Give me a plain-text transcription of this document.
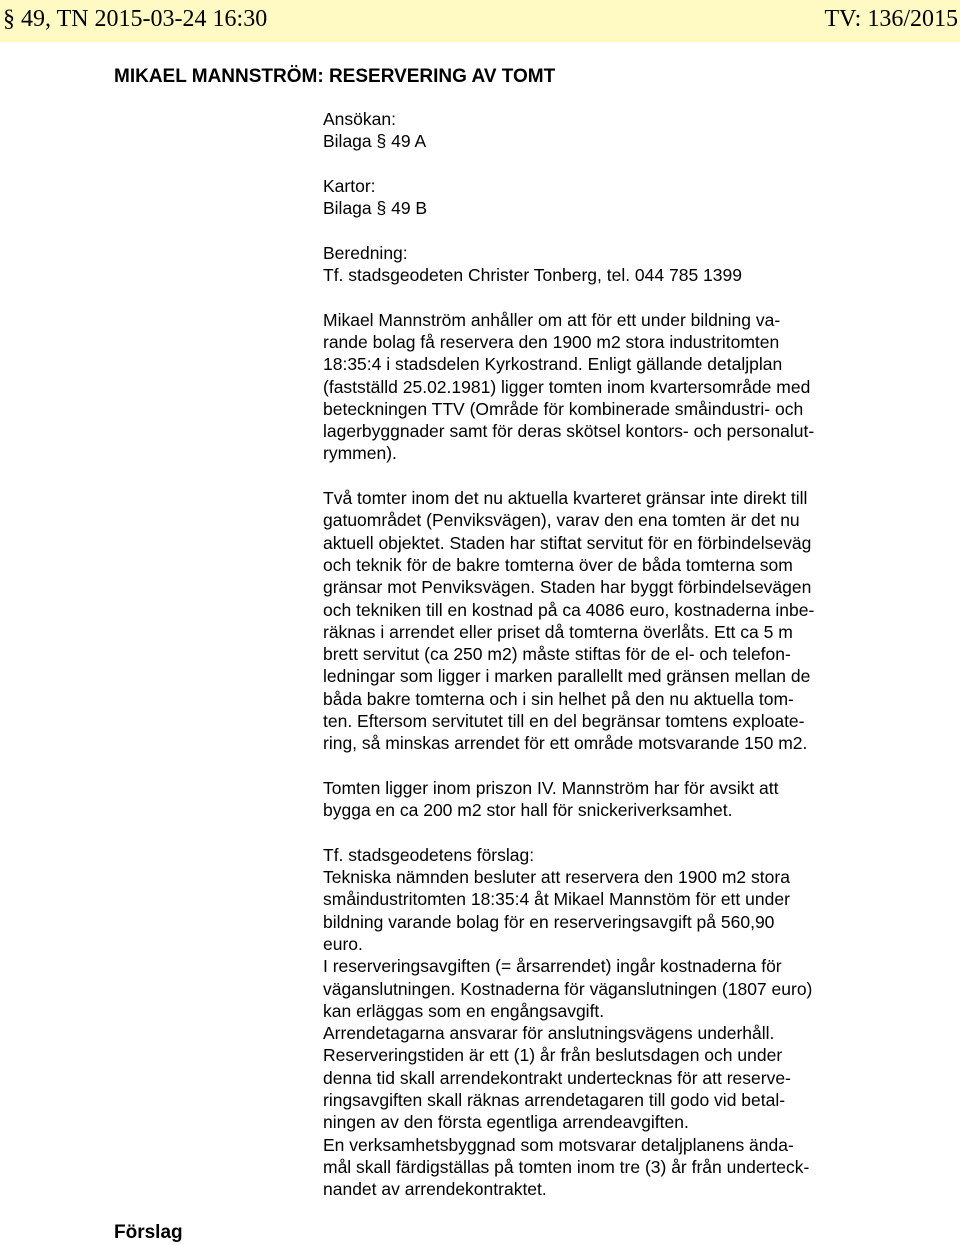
§ 49, TN 2015-03-24 16:30	TV: 136/2015
MIKAEL MANNSTRÖM: RESERVERING AV TOMT
Ansökan:
Bilaga § 49 A
Kartor:
Bilaga § 49 B
Beredning:
Tf. stadsgeodeten Christer Tonberg, tel. 044 785 1399
Mikael Mannström anhåller om att för ett under bildning va-
rande bolag få reservera den 1900 m2 stora industritomten
18:35:4 i stadsdelen Kyrkostrand. Enligt gällande detaljplan
(fastställd 25.02.1981) ligger tomten inom kvartersområde med
beteckningen TTV (Område för kombinerade småindustri- och
lagerbyggnader samt för deras skötsel kontors- och personalut-
rymmen).
Två tomter inom det nu aktuella kvarteret gränsar inte direkt till
gatuområdet (Penviksvägen), varav den ena tomten är det nu
aktuell objektet. Staden har stiftat servitut för en förbindelseväg
och teknik för de bakre tomterna över de båda tomterna som
gränsar mot Penviksvägen. Staden har byggt förbindelsevägen
och tekniken till en kostnad på ca 4086 euro, kostnaderna inbe-
räknas i arrendet eller priset då tomterna överlåts. Ett ca 5 m
brett servitut (ca 250 m2) måste stiftas för de el- och telefon-
ledningar som ligger i marken parallellt med gränsen mellan de
båda bakre tomterna och i sin helhet på den nu aktuella tom-
ten. Eftersom servitutet till en del begränsar tomtens exploate-
ring, så minskas arrendet för ett område motsvarande 150 m2.
Tomten ligger inom priszon IV. Mannström har för avsikt att
bygga en ca 200 m2 stor hall för snickeriverksamhet.
Tf. stadsgeodetens förslag:
Tekniska nämnden besluter att reservera den 1900 m2 stora
småindustritomten 18:35:4 åt Mikael Mannstöm för ett under
bildning varande bolag för en reserveringsavgift på 560,90
euro.
I reserveringsavgiften (= årsarrendet) ingår kostnaderna för
väganslutningen. Kostnaderna för väganslutningen (1807 euro)
kan erläggas som en engångsavgift.
Arrendetagarna ansvarar för anslutningsvägens underhåll.
Reserveringstiden är ett (1) år från beslutsdagen och under
denna tid skall arrendekontrakt undertecknas för att reserve-
ringsavgiften skall räknas arrendetagaren till godo vid betal-
ningen av den första egentliga arrendeavgiften.
En verksamhetsbyggnad som motsvarar detaljplanens ända-
mål skall färdigställas på tomten inom tre (3) år från underteck-
nandet av arrendekontraktet.
Förslag
